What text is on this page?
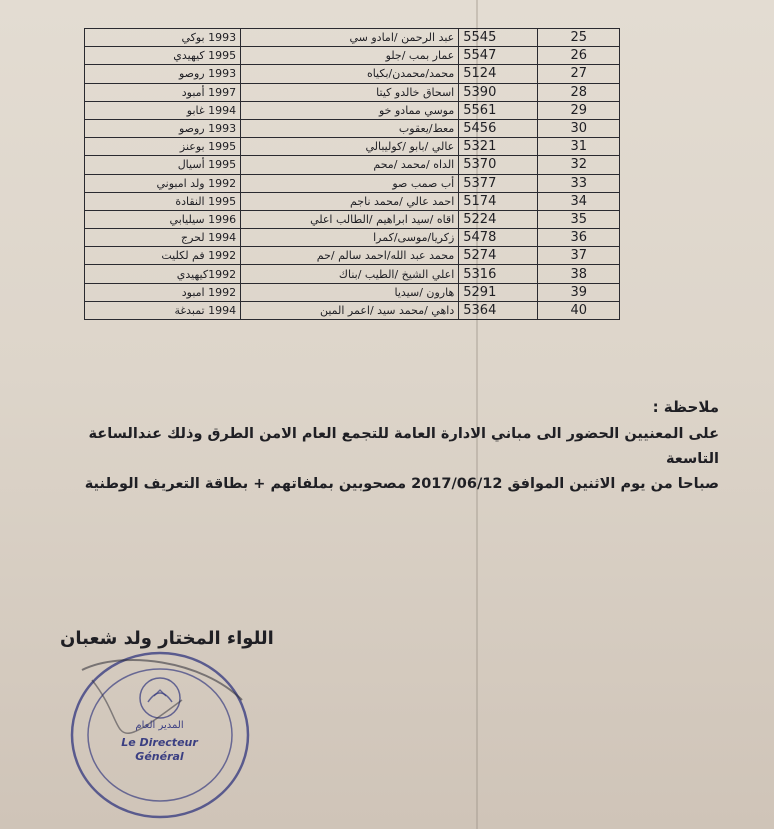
1993 بوكي	عبد الرحمن /امادو سي	5545	25
1995 كيهيدي	عمار بمب /جلو	5547	26
1993 روصو	محمد/محمدن/بكياه	5124	27
1997 أمبود	اسحاق خالدو كيتا	5390	28
1994 غابو	موسي ممادو خو	5561	29
1993 روصو	معط/يعقوب	5456	30
1995 بوعنز	عالي /بابو /كوليبالي	5321	31
1995 أسيال	الداه /محمد /محم	5370	32
1992 ولد امبوني	أب صمب صو	5377	33
1995 النقادة	احمد عالي /محمد ناجم	5174	34
1996 سيليابي	اقاه /سيد ابراهيم /الطالب اعلي	5224	35
1994 لحرج	زكريا/موسى/كمرا	5478	36
1992 فم لكليت	محمد عبد الله/احمد سالم /حم	5274	37
1992كيهيدي	اعلي الشيخ /الطيب /بناك	5316	38
1992 امبود	هارون /سيديا	5291	39
1994 تمبدغة	داهي /محمد سيد /اعمر المين	5364	40
ملاحظة :
على المعنيين الحضور الى مباني الادارة العامة للتجمع العام الامن الطرق وذلك عندالساعة التاسعة
صباحا من يوم الاثنين الموافق 2017/06/12 مصحوبين بملفاتهم + بطاقة التعريف الوطنية
اللواء المختار ولد شعبان
المدير العام
Le Directeur
Général
